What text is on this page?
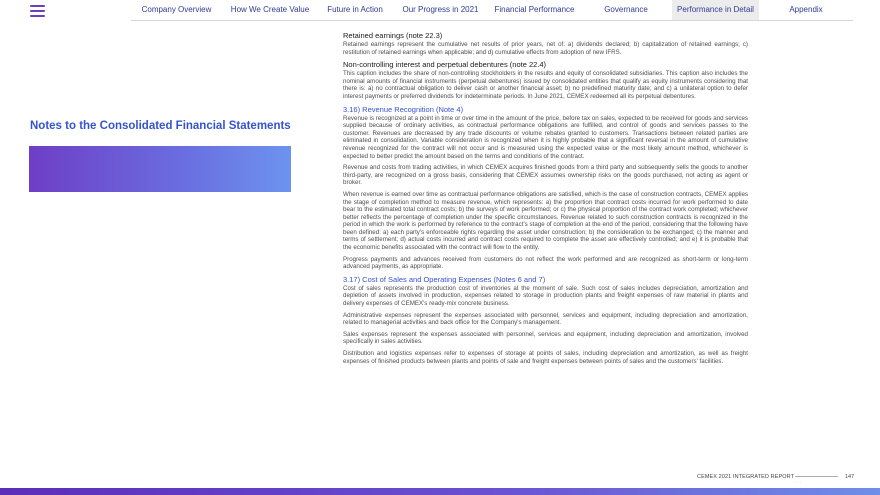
Company Overview	How We Create Value	Future in Action	Our Progress in 2021	Financial Performance	Governance	Performance in Detail	Appendix
Notes to the Consolidated Financial Statements

Retained earnings (note 22.3)

Retained earnings represent the cumulative net results of prior years, net of: a) dividends declared; b) capitalization of retained earnings; c) restitution of retained earnings when applicable; and d) cumulative effects from adoption of new IFRS.

Non-controlling interest and perpetual debentures (note 22.4)

This caption includes the share of non-controlling stockholders in the results and equity of consolidated subsidiaries. This caption also includes the nominal amounts of financial instruments (perpetual debentures) issued by consolidated entities that qualify as equity instruments considering that there is: a) no contractual obligation to deliver cash or another financial asset; b) no predefined maturity date; and c) a unilateral option to defer interest payments or preferred dividends for indeterminate periods. In June 2021, CEMEX redeemed all its perpetual debentures.

3.16) Revenue Recognition (Note 4)

Revenue is recognized at a point in time or over time in the amount of the price, before tax on sales, expected to be received for goods and services supplied because of ordinary activities, as contractual performance obligations are fulfilled, and control of goods and services passes to the customer. Revenues are decreased by any trade discounts or volume rebates granted to customers. Transactions between related parties are eliminated in consolidation. Variable consideration is recognized when it is highly probable that a significant reversal in the amount of cumulative revenue recognized for the contract will not occur and is measured using the expected value or the most likely amount method, whichever is expected to better predict the amount based on the terms and conditions of the contract.

Revenue and costs from trading activities, in which CEMEX acquires finished goods from a third party and subsequently sells the goods to another third-party, are recognized on a gross basis, considering that CEMEX assumes ownership risks on the goods purchased, not acting as agent or broker.

When revenue is earned over time as contractual performance obligations are satisfied, which is the case of construction contracts, CEMEX applies the stage of completion method to measure revenue, which represents: a) the proportion that contract costs incurred for work performed to date bear to the estimated total contract costs; b) the surveys of work performed; or c) the physical proportion of the contract work completed; whichever better reflects the percentage of completion under the specific circumstances. Revenue related to such construction contracts is recognized in the period in which the work is performed by reference to the contract's stage of completion at the end of the period, considering that the following have been defined: a) each party's enforceable rights regarding the asset under construction; b) the consideration to be exchanged; c) the manner and terms of settlement; d) actual costs incurred and contract costs required to complete the asset are effectively controlled; and e) it is probable that the economic benefits associated with the contract will flow to the entity.

Progress payments and advances received from customers do not reflect the work performed and are recognized as short-term or long-term advanced payments, as appropriate.

3.17) Cost of Sales and Operating Expenses (Notes 6 and 7)

Cost of sales represents the production cost of inventories at the moment of sale. Such cost of sales includes depreciation, amortization and depletion of assets involved in production, expenses related to storage in production plants and freight expenses of raw material in plants and delivery expenses of CEMEX's ready-mix concrete business.

Administrative expenses represent the expenses associated with personnel, services and equipment, including depreciation and amortization, related to managerial activities and back office for the Company's management.

Sales expenses represent the expenses associated with personnel, services and equipment, including depreciation and amortization, involved specifically in sales activities.

Distribution and logistics expenses refer to expenses of storage at points of sales, including depreciation and amortization, as well as freight expenses of finished products between plants and points of sale and freight expenses between points of sales and the customers' facilities.

CEMEX 2021 INTEGRATED REPORT
· · ·
147
